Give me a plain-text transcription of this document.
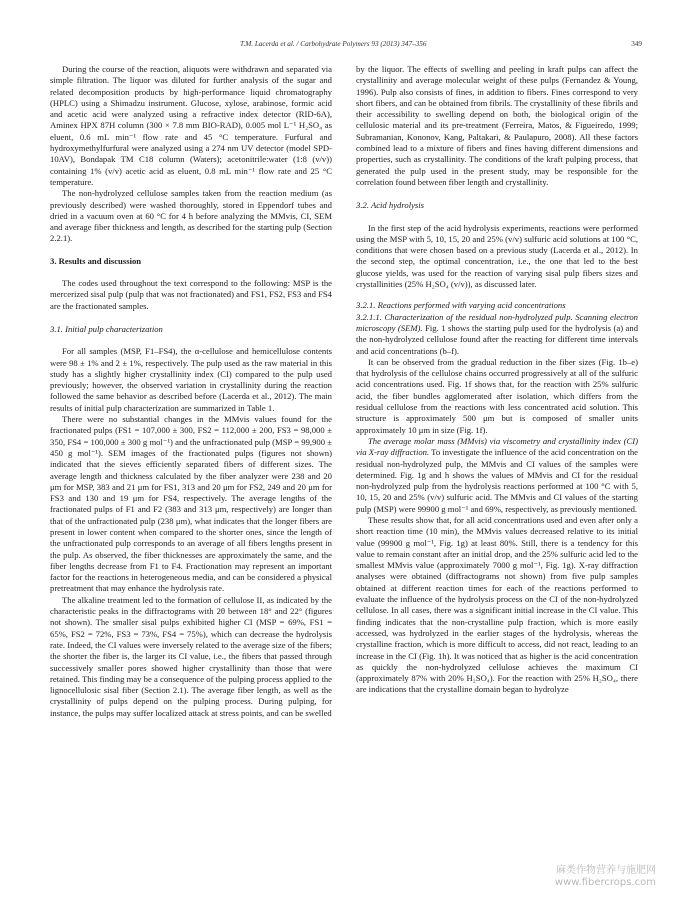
T.M. Lacerda et al. / Carbohydrate Polymers 93 (2013) 347–356	349

During the course of the reaction, aliquots were withdrawn and separated via simple filtration. The liquor was diluted for further analysis of the sugar and related decomposition products by high-performance liquid chromatography (HPLC) using a Shimadzu instrument. Glucose, xylose, arabinose, formic acid and acetic acid were analyzed using a refractive index detector (RID-6A), Aminex HPX 87H column (300 × 7.8 mm BIO-RAD), 0.005 mol L⁻¹ H₂SO₄ as eluent, 0.6 mL min⁻¹ flow rate and 45 °C temperature. Furfural and hydroxymethylfurfural were analyzed using a 274 nm UV detector (model SPD-10AV), Bondapak TM C18 column (Waters); acetonitrile:water (1:8 (v/v)) containing 1% (v/v) acetic acid as eluent, 0.8 mL min⁻¹ flow rate and 25 °C temperature.

The non-hydrolyzed cellulose samples taken from the reaction medium (as previously described) were washed thoroughly, stored in Eppendorf tubes and dried in a vacuum oven at 60 °C for 4 h before analyzing the MMvis, CI, SEM and average fiber thickness and length, as described for the starting pulp (Section 2.2.1).

3. Results and discussion

The codes used throughout the text correspond to the following: MSP is the mercerized sisal pulp (pulp that was not fractionated) and FS1, FS2, FS3 and FS4 are the fractionated samples.

3.1. Initial pulp characterization

For all samples (MSP, F1–FS4), the α-cellulose and hemicellulose contents were 98 ± 1% and 2 ± 1%, respectively. The pulp used as the raw material in this study has a slightly higher crystallinity index (CI) compared to the pulp used previously; however, the observed variation in crystallinity during the reaction followed the same behavior as described before (Lacerda et al., 2012). The main results of initial pulp characterization are summarized in Table 1.

There were no substantial changes in the MMvis values found for the fractionated pulps (FS1 = 107,000 ± 300, FS2 = 112,000 ± 200, FS3 = 98,000 ± 350, FS4 = 100,000 ± 300 g mol⁻¹) and the unfractionated pulp (MSP = 99,900 ± 450 g mol⁻¹). SEM images of the fractionated pulps (figures not shown) indicated that the sieves efficiently separated fibers of different sizes. The average length and thickness calculated by the fiber analyzer were 238 and 20 μm for MSP, 383 and 21 μm for FS1, 313 and 20 μm for FS2, 249 and 20 μm for FS3 and 130 and 19 μm for FS4, respectively. The average lengths of the fractionated pulps of F1 and F2 (383 and 313 μm, respectively) are longer than that of the unfractionated pulp (238 μm), what indicates that the longer fibers are present in lower content when compared to the shorter ones, since the length of the unfractionated pulp corresponds to an average of all fibers lengths present in the pulp. As observed, the fiber thicknesses are approximately the same, and the fiber lengths decrease from F1 to F4. Fractionation may represent an important factor for the reactions in heterogeneous media, and can be considered a physical pretreatment that may enhance the hydrolysis rate.

The alkaline treatment led to the formation of cellulose II, as indicated by the characteristic peaks in the diffractograms with 2θ between 18° and 22° (figures not shown). The smaller sisal pulps exhibited higher CI (MSP = 69%, FS1 = 65%, FS2 = 72%, FS3 = 73%, FS4 = 75%), which can decrease the hydrolysis rate. Indeed, the CI values were inversely related to the average size of the fibers; the shorter the fiber is, the larger its CI value, i.e., the fibers that passed through successively smaller pores showed higher crystallinity than those that were retained. This finding may be a consequence of the pulping process applied to the lignocellulosic sisal fiber (Section 2.1). The average fiber length, as well as the crystallinity of pulps depend on the pulping process. During pulping, for instance, the pulps may suffer localized attack at stress points, and can be swelled

by the liquor. The effects of swelling and peeling in kraft pulps can affect the crystallinity and average molecular weight of these pulps (Fernandez & Young, 1996). Pulp also consists of fines, in addition to fibers. Fines correspond to very short fibers, and can be obtained from fibrils. The crystallinity of these fibrils and their accessibility to swelling depend on both, the biological origin of the cellulosic material and its pre-treatment (Ferreira, Matos, & Figueiredo, 1999; Subramanian, Kononov, Kang, Paltakari, & Paulapuro, 2008). All these factors combined lead to a mixture of fibers and fines having different dimensions and properties, such as crystallinity. The conditions of the kraft pulping process, that generated the pulp used in the present study, may be responsible for the correlation found between fiber length and crystallinity.

3.2. Acid hydrolysis

In the first step of the acid hydrolysis experiments, reactions were performed using the MSP with 5, 10, 15, 20 and 25% (v/v) sulfuric acid solutions at 100 °C, conditions that were chosen based on a previous study (Lacerda et al., 2012). In the second step, the optimal concentration, i.e., the one that led to the best glucose yields, was used for the reaction of varying sisal pulp fibers sizes and crystallinities (25% H₂SO₄ (v/v)), as discussed later.

3.2.1. Reactions performed with varying acid concentrations

3.2.1.1. Characterization of the residual non-hydrolyzed pulp. Scanning electron microscopy (SEM). Fig. 1 shows the starting pulp used for the hydrolysis (a) and the non-hydrolyzed cellulose found after the reacting for different time intervals and acid concentrations (b–f).

It can be observed from the gradual reduction in the fiber sizes (Fig. 1b–e) that hydrolysis of the cellulose chains occurred progressively at all of the sulfuric acid concentrations used. Fig. 1f shows that, for the reaction with 25% sulfuric acid, the fiber bundles agglomerated after isolation, which differs from the residual cellulose from the reactions with less concentrated acid solution. This structure is approximately 500 μm but is composed of smaller units approximately 10 μm in size (Fig. 1f).

The average molar mass (MMvis) via viscometry and crystallinity index (CI) via X-ray diffraction. To investigate the influence of the acid concentration on the residual non-hydrolyzed pulp, the MMvis and CI values of the samples were determined. Fig. 1g and h shows the values of MMvis and CI for the residual non-hydrolyzed pulp from the hydrolysis reactions performed at 100 °C with 5, 10, 15, 20 and 25% (v/v) sulfuric acid. The MMvis and CI values of the starting pulp (MSP) were 99900 g mol⁻¹ and 69%, respectively, as previously mentioned.

These results show that, for all acid concentrations used and even after only a short reaction time (10 min), the MMvis values decreased relative to its initial value (99900 g mol⁻¹, Fig. 1g) at least 80%. Still, there is a tendency for this value to remain constant after an initial drop, and the 25% sulfuric acid led to the smallest MMvis value (approximately 7000 g mol⁻¹, Fig. 1g). X-ray diffraction analyses were obtained (diffractograms not shown) from five pulp samples obtained at different reaction times for each of the reactions performed to evaluate the influence of the hydrolysis process on the CI of the non-hydrolyzed cellulose. In all cases, there was a significant initial increase in the CI value. This finding indicates that the non-crystalline pulp fraction, which is more easily accessed, was hydrolyzed in the earlier stages of the hydrolysis, whereas the crystalline fraction, which is more difficult to access, did not react, leading to an increase in the CI (Fig. 1h). It was noticed that as higher is the acid concentration as quickly the non-hydrolyzed cellulose achieves the maximum CI (approximately 87% with 20% H₂SO₄). For the reaction with 25% H₂SO₄, there are indications that the crystalline domain began to hydrolyze

麻类作物营养与施肥网
www.fibercrops.com
